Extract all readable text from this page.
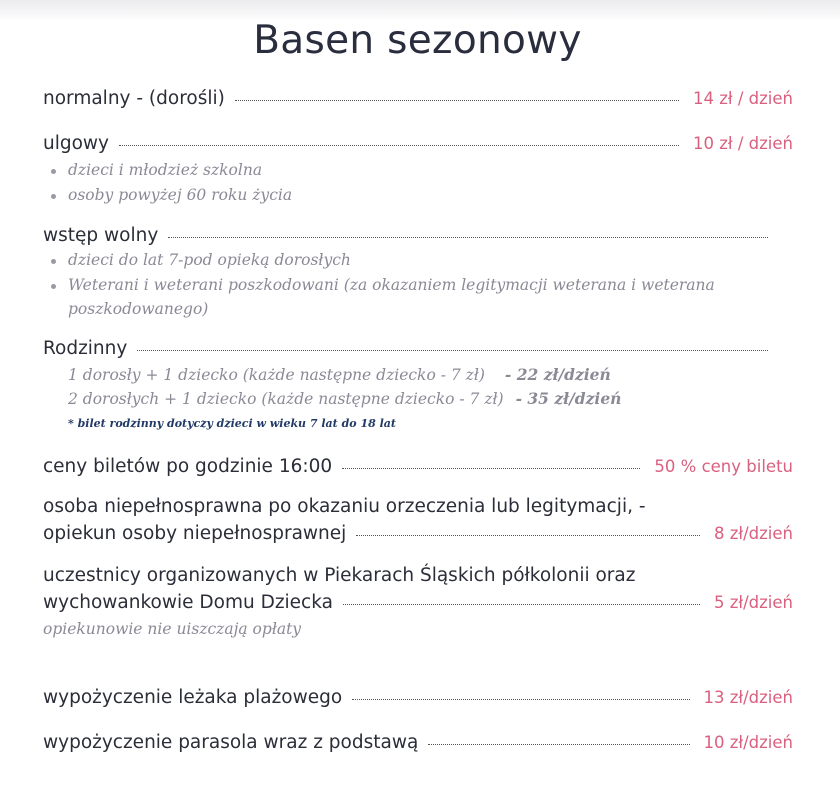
Basen sezonowy
normalny - (dorośli)	14 zł / dzień
ulgowy	10 zł / dzień
dzieci i młodzież szkolna
osoby powyżej 60 roku życia
wstęp wolny
dzieci do lat 7-pod opieką dorosłych
Weterani i weterani poszkodowani (za okazaniem legitymacji weterana i weterana
poszkodowanego)
Rodzinny
1 dorosły + 1 dziecko (każde następne dziecko - 7 zł) - 22 zł/dzień
2 dorosłych + 1 dziecko (każde następne dziecko - 7 zł) - 35 zł/dzień
* bilet rodzinny dotyczy dzieci w wieku 7 lat do 18 lat
ceny biletów po godzinie 16:00	50 % ceny biletu
osoba niepełnosprawna po okazaniu orzeczenia lub legitymacji, -
opiekun osoby niepełnosprawnej	8 zł/dzień
uczestnicy organizowanych w Piekarach Śląskich półkolonii oraz
wychowankowie Domu Dziecka	5 zł/dzień
opiekunowie nie uiszczają opłaty
wypożyczenie leżaka plażowego	13 zł/dzień
wypożyczenie parasola wraz z podstawą	10 zł/dzień
